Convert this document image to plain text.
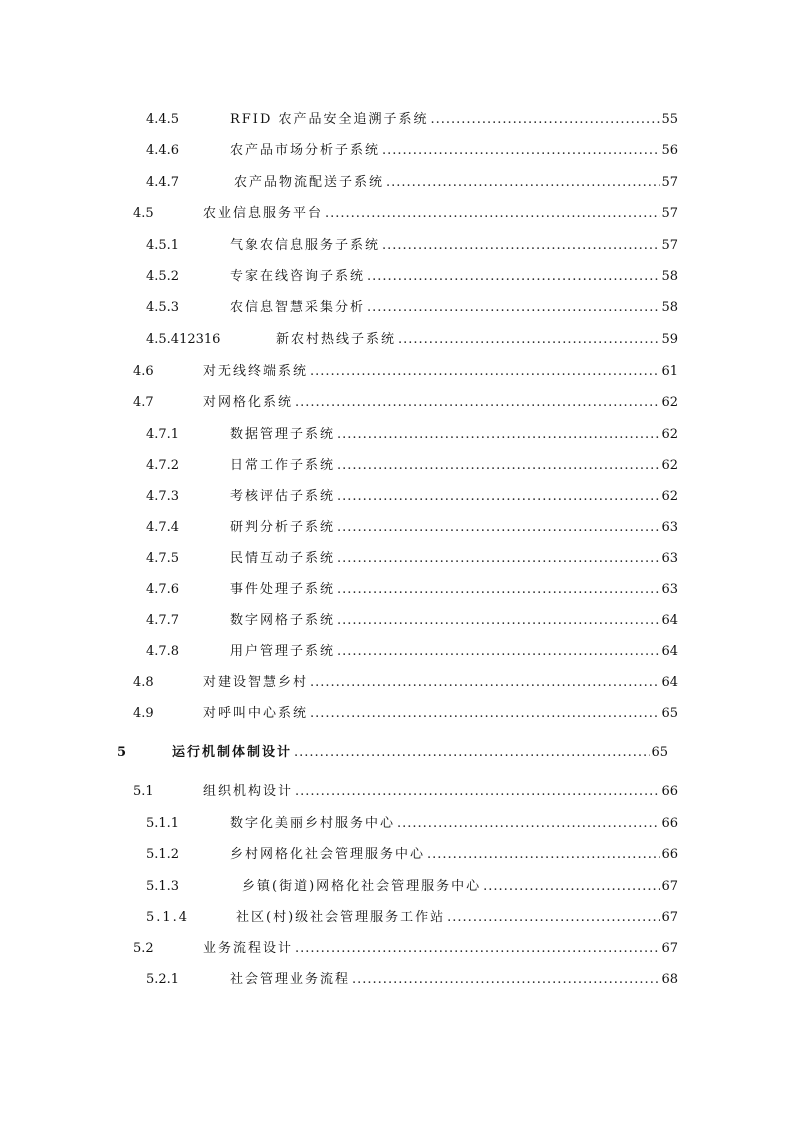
4.4.5	RFID 农产品安全追溯子系统 .....	55
4.4.6	农产品市场分析子系统 .....	56
4.4.7	农产品物流配送子系统 .....	57
4.5	农业信息服务平台 .....	57
4.5.1	气象农信息服务子系统 .....	57
4.5.2	专家在线咨询子系统 .....	58
4.5.3	农信息智慧采集分析 .....	58
4.5.412316	新农村热线子系统 .....	59
4.6	对无线终端系统 .....	61
4.7	对网格化系统 .....	62
4.7.1	数据管理子系统 .....	62
4.7.2	日常工作子系统 .....	62
4.7.3	考核评估子系统 .....	62
4.7.4	研判分析子系统 .....	63
4.7.5	民情互动子系统 .....	63
4.7.6	事件处理子系统 .....	63
4.7.7	数字网格子系统 .....	64
4.7.8	用户管理子系统 .....	64
4.8	对建设智慧乡村 .....	64
4.9	对呼叫中心系统 .....	65
5	运行机制体制设计 .....	65
5.1	组织机构设计 .....	66
5.1.1	数字化美丽乡村服务中心 .....	66
5.1.2	乡村网格化社会管理服务中心 .....	66
5.1.3	乡镇(街道)网格化社会管理服务中心 .....	67
5.1.4	社区(村)级社会管理服务工作站 .....	67
5.2	业务流程设计 .....	67
5.2.1	社会管理业务流程 .....	68
